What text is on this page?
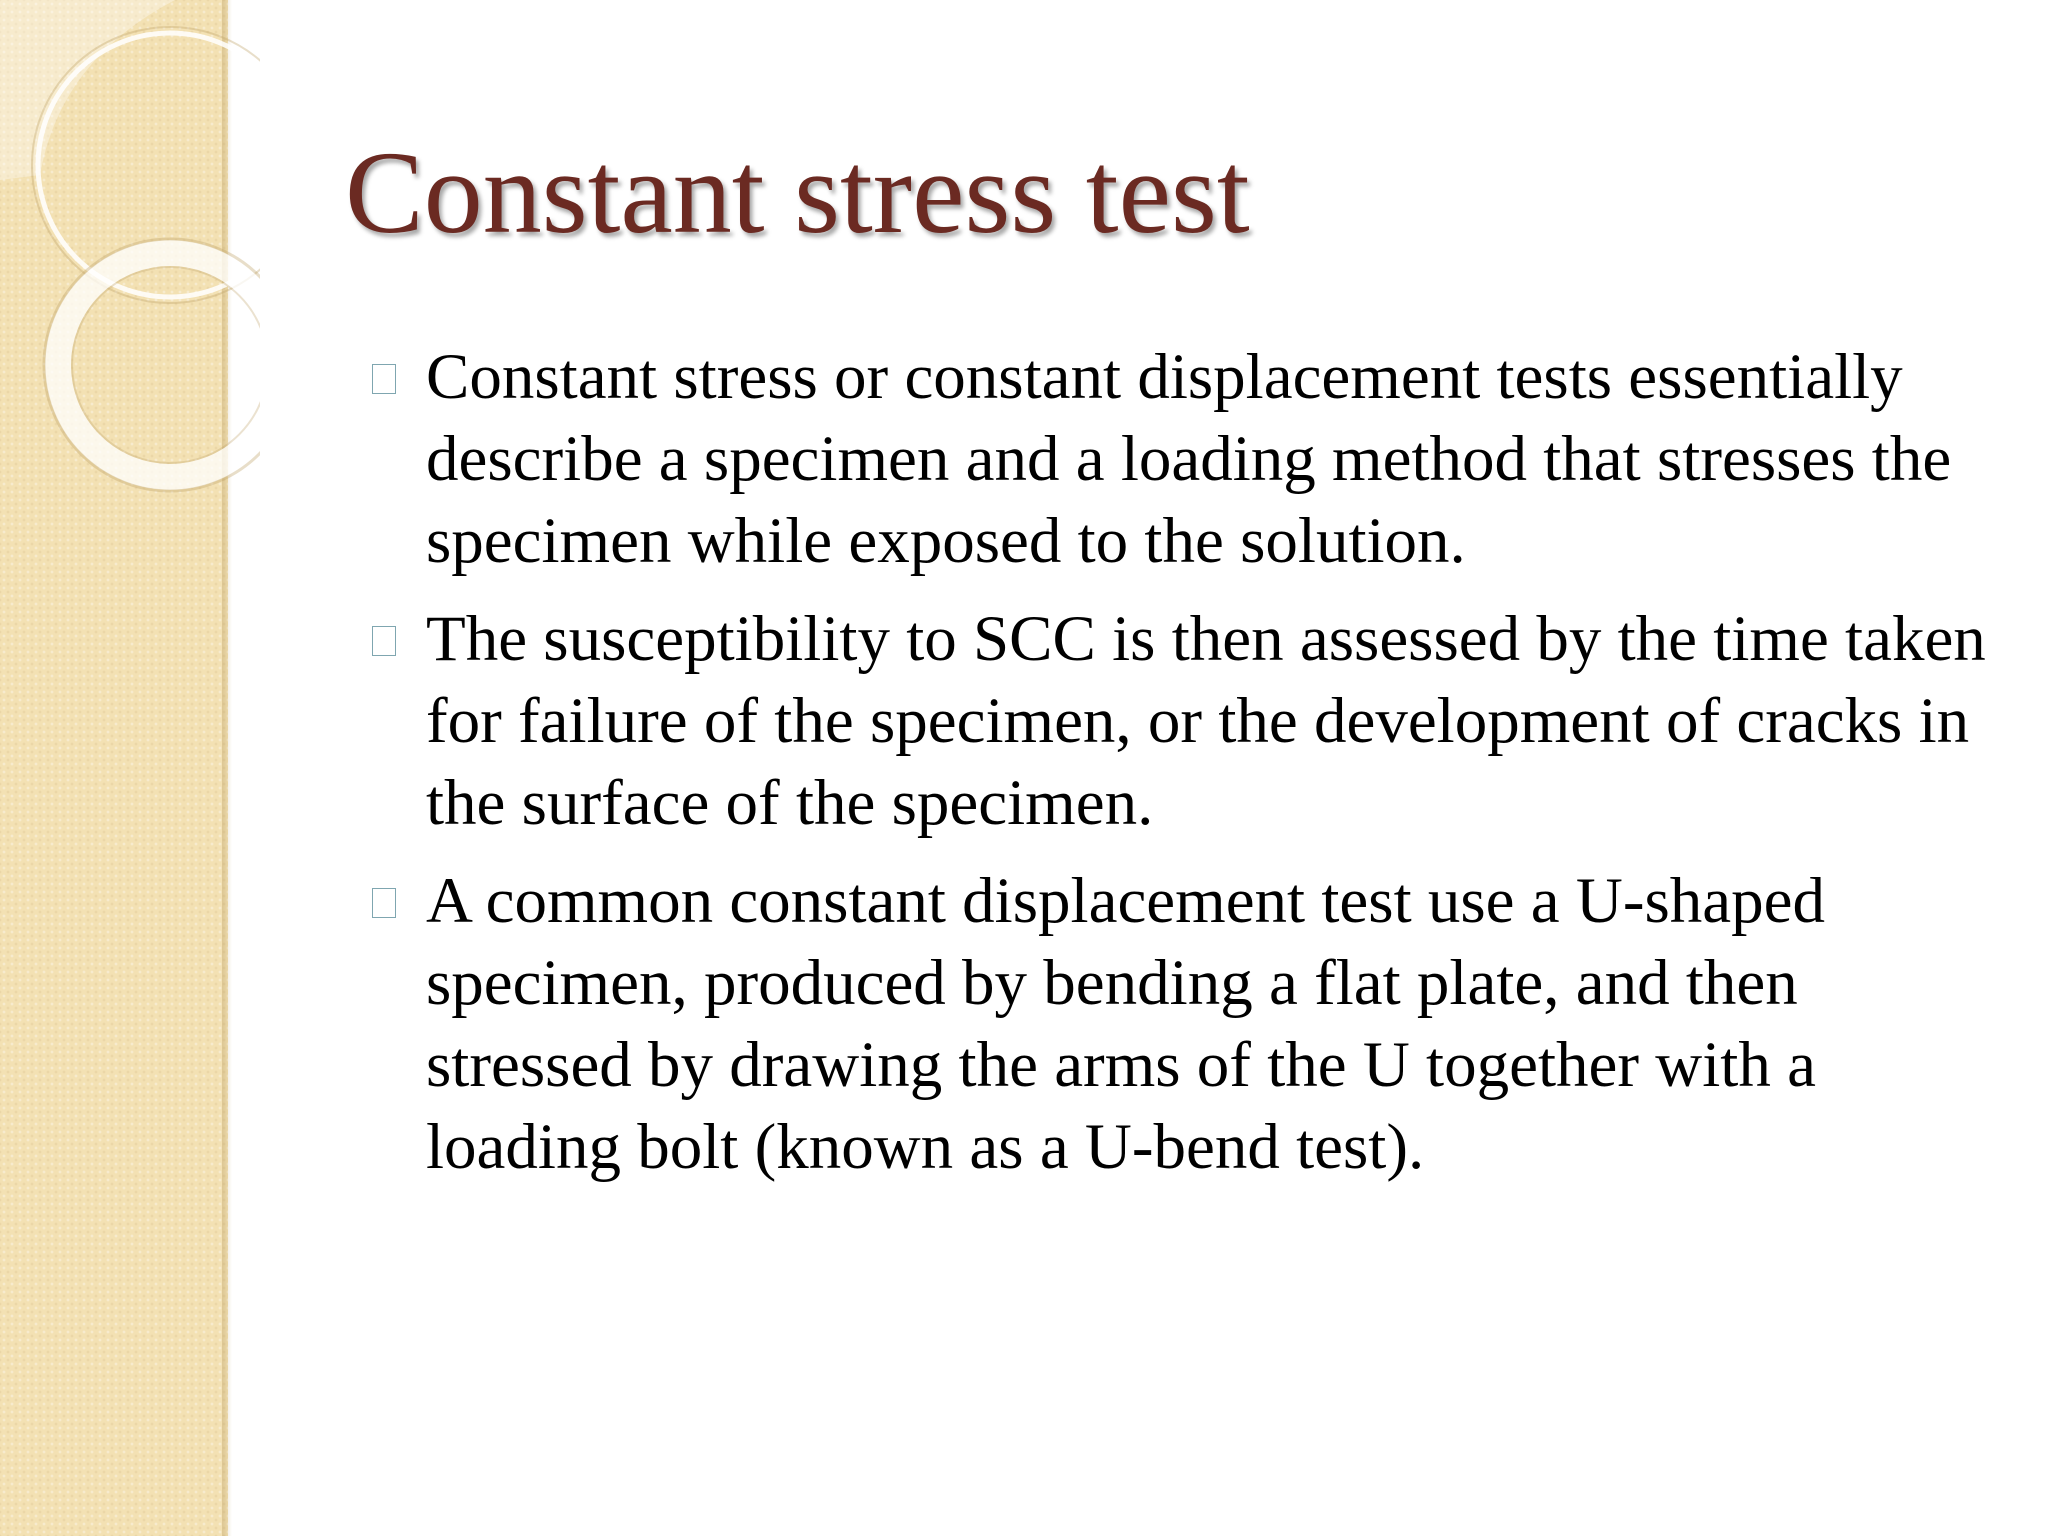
Constant stress test
Constant stress or constant displacement tests essentially describe a specimen and a loading method that stresses the specimen while exposed to the solution.
The susceptibility to SCC is then assessed by the time taken for failure of the specimen, or the development of cracks in the surface of the specimen.
A common constant displacement test use a U-shaped specimen, produced by bending a flat plate, and then stressed by drawing the arms of the U together with a loading bolt (known as a U-bend test).
